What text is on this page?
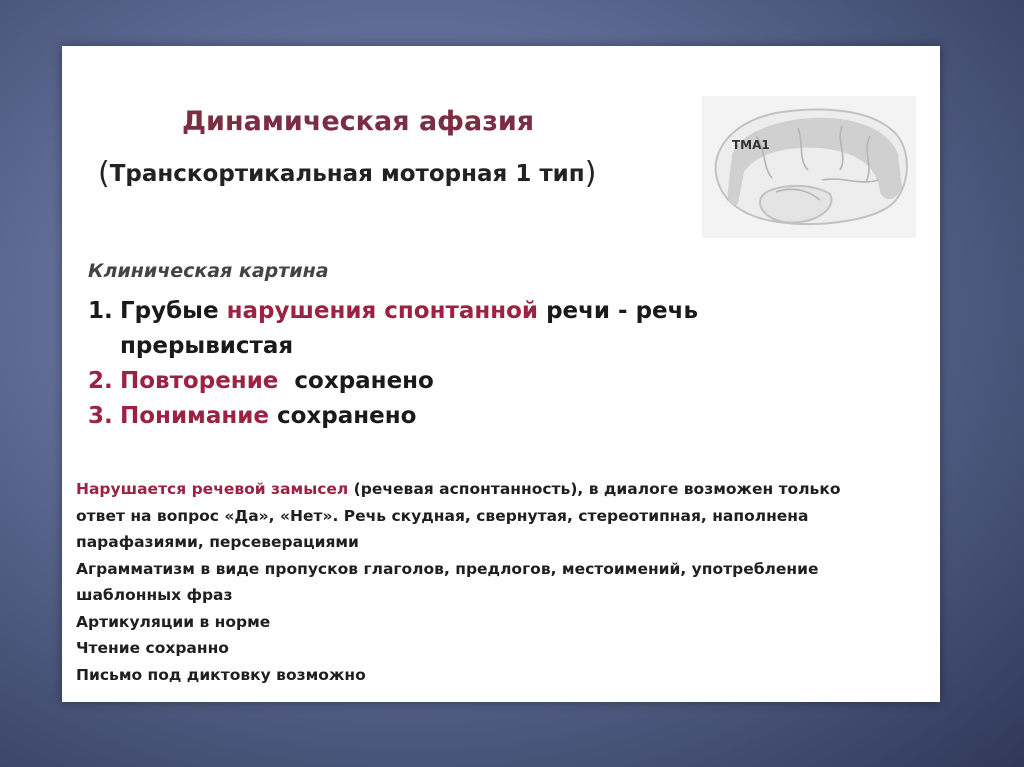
Динамическая афазия
(Транскортикальная моторная 1 тип)
TMA1
Клиническая картина
1. Грубые нарушения спонтанной речи - речь
прерывистая
2. Повторение сохранено
3. Понимание сохранено

Нарушается речевой замысел (речевая аспонтанность), в диалоге возможен только

ответ на вопрос «Да», «Нет». Речь скудная, свернутая, стереотипная, наполнена

парафазиями, персеверациями

Аграмматизм в виде пропусков глаголов, предлогов, местоимений, употребление

шаблонных фраз

Артикуляции в норме

Чтение сохранно

Письмо под диктовку возможно
